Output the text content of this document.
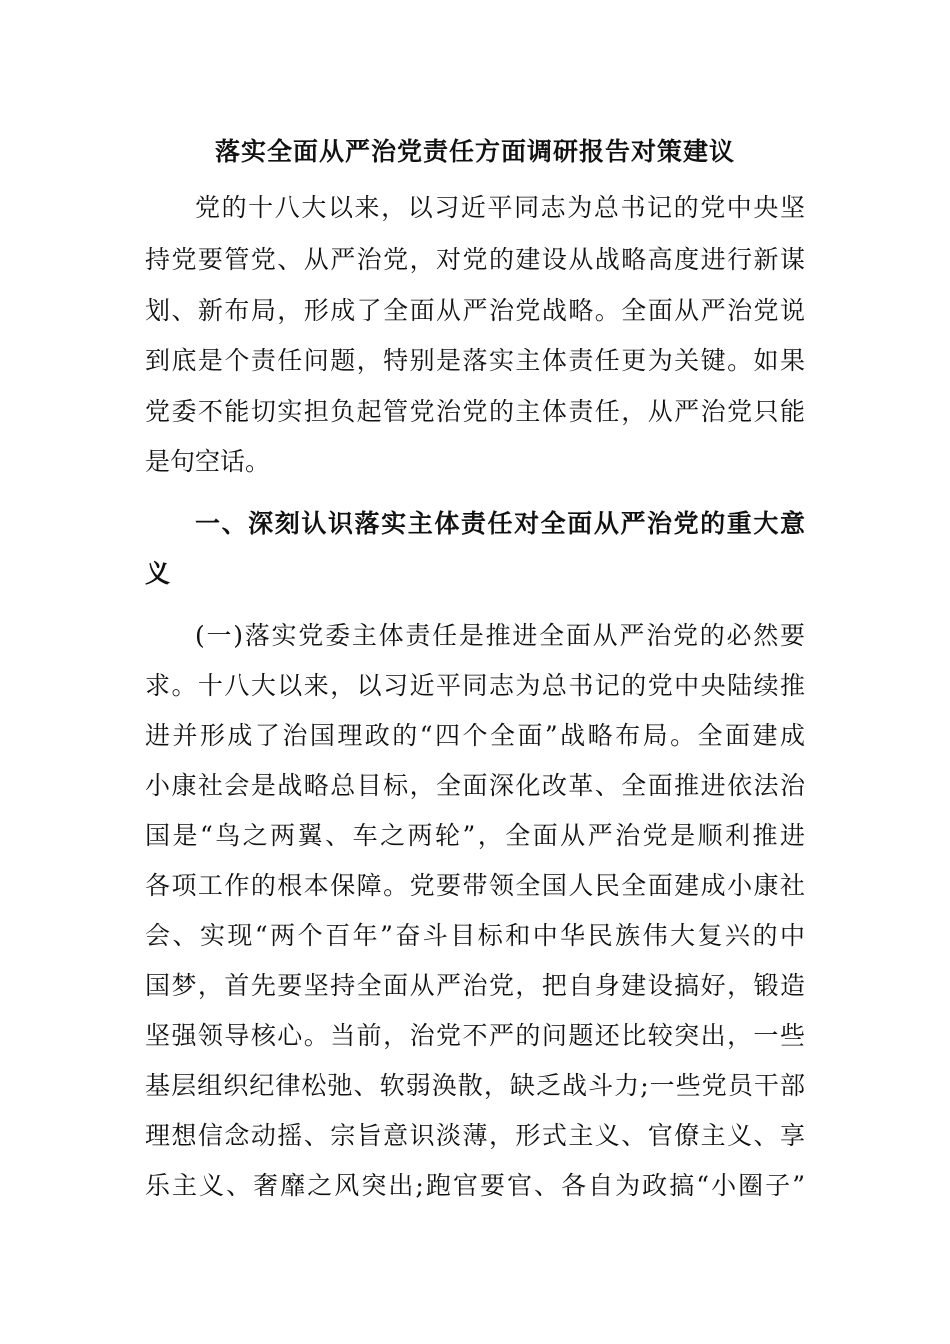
落实全面从严治党责任方面调研报告对策建议
党的十八大以来，以习近平同志为总书记的党中央坚
持党要管党、从严治党，对党的建设从战略高度进行新谋
划、新布局，形成了全面从严治党战略。全面从严治党说
到底是个责任问题，特别是落实主体责任更为关键。如果
党委不能切实担负起管党治党的主体责任，从严治党只能
是句空话。
一、深刻认识落实主体责任对全面从严治党的重大意
义
(一)落实党委主体责任是推进全面从严治党的必然要
求。十八大以来，以习近平同志为总书记的党中央陆续推
进并形成了治国理政的“四个全面”战略布局。全面建成
小康社会是战略总目标，全面深化改革、全面推进依法治
国是“鸟之两翼、车之两轮”，全面从严治党是顺利推进
各项工作的根本保障。党要带领全国人民全面建成小康社
会、实现“两个百年”奋斗目标和中华民族伟大复兴的中
国梦，首先要坚持全面从严治党，把自身建设搞好，锻造
坚强领导核心。当前，治党不严的问题还比较突出，一些
基层组织纪律松弛、软弱涣散，缺乏战斗力;一些党员干部
理想信念动摇、宗旨意识淡薄，形式主义、官僚主义、享
乐主义、奢靡之风突出;跑官要官、各自为政搞“小圈子”
